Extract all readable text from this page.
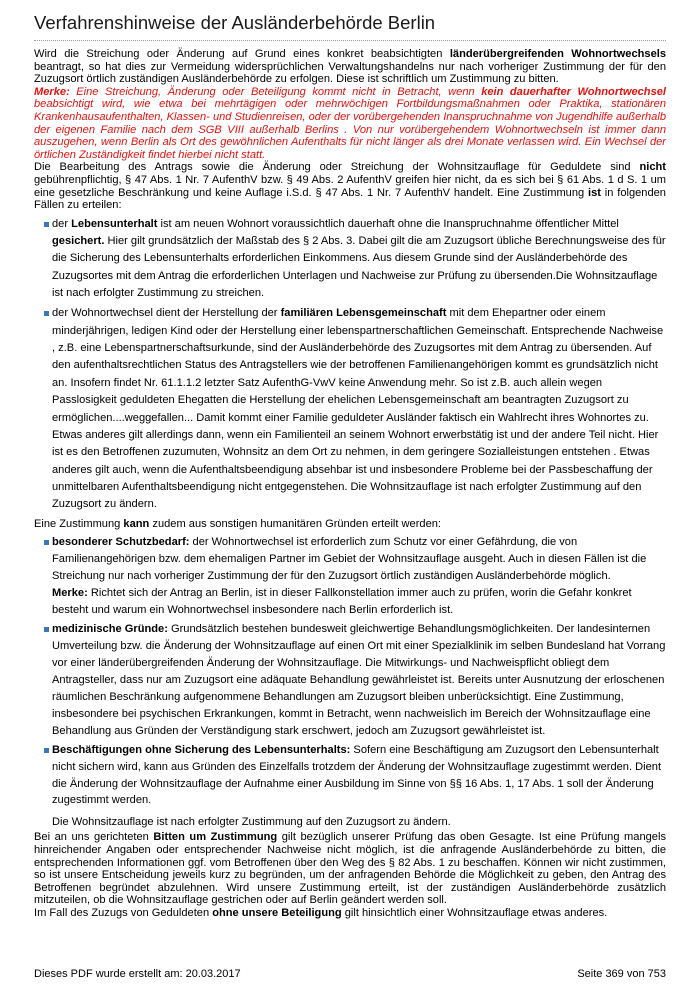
Verfahrenshinweise der Ausländerbehörde Berlin

Wird die Streichung oder Änderung auf Grund eines konkret beabsichtigten länderübergreifenden Wohnortwechsels beantragt, so hat dies zur Vermeidung widersprüchlichen Verwaltungshandelns nur nach vorheriger Zustimmung der für den Zuzugsort örtlich zuständigen Ausländerbehörde zu erfolgen. Diese ist schriftlich um Zustimmung zu bitten.

Merke: Eine Streichung, Änderung oder Beteiligung kommt nicht in Betracht, wenn kein dauerhafter Wohnortwechsel beabsichtigt wird, wie etwa bei mehrtägigen oder mehrwöchigen Fortbildungsmaßnahmen oder Praktika, stationären Krankenhausaufenthalten, Klassen- und Studienreisen, oder der vorübergehenden Inanspruchnahme von Jugendhilfe außerhalb der eigenen Familie nach dem SGB VIII außerhalb Berlins . Von nur vorübergehendem Wohnortwechseln ist immer dann auszugehen, wenn Berlin als Ort des gewöhnlichen Aufenthalts für nicht länger als drei Monate verlassen wird. Ein Wechsel der örtlichen Zuständigkeit findet hierbei nicht statt.

Die Bearbeitung des Antrags sowie die Änderung oder Streichung der Wohnsitzauflage für Geduldete sind nicht gebührenpflichtig, § 47 Abs. 1 Nr. 7 AufenthV bzw. § 49 Abs. 2 AufenthV greifen hier nicht, da es sich bei § 61 Abs. 1 d S. 1 um eine gesetzliche Beschränkung und keine Auflage i.S.d. § 47 Abs. 1 Nr. 7 AufenthV handelt. Eine Zustimmung ist in folgenden Fällen zu erteilen:

der Lebensunterhalt ist am neuen Wohnort voraussichtlich dauerhaft ohne die Inanspruchnahme öffentlicher Mittel gesichert. Hier gilt grundsätzlich der Maßstab des § 2 Abs. 3. Dabei gilt die am Zuzugsort übliche Berechnungsweise des für die Sicherung des Lebensunterhalts erforderlichen Einkommens. Aus diesem Grunde sind der Ausländerbehörde des Zuzugsortes mit dem Antrag die erforderlichen Unterlagen und Nachweise zur Prüfung zu übersenden.Die Wohnsitzauflage ist nach erfolgter Zustimmung zu streichen.
der Wohnortwechsel dient der Herstellung der familiären Lebensgemeinschaft mit dem Ehepartner oder einem minderjährigen, ledigen Kind oder der Herstellung einer lebenspartnerschaftlichen Gemeinschaft. Entsprechende Nachweise , z.B. eine Lebenspartnerschaftsurkunde, sind der Ausländerbehörde des Zuzugsortes mit dem Antrag zu übersenden. Auf den aufenthaltsrechtlichen Status des Antragstellers wie der betroffenen Familienangehörigen kommt es grundsätzlich nicht an. Insofern findet Nr. 61.1.1.2 letzter Satz AufenthG-VwV keine Anwendung mehr. So ist z.B. auch allein wegen Passlosigkeit geduldeten Ehegatten die Herstellung der ehelichen Lebensgemeinschaft am beantragten Zuzugsort zu ermöglichen....weggefallen... Damit kommt einer Familie geduldeter Ausländer faktisch ein Wahlrecht ihres Wohnortes zu. Etwas anderes gilt allerdings dann, wenn ein Familienteil an seinem Wohnort erwerbstätig ist und der andere Teil nicht. Hier ist es den Betroffenen zuzumuten, Wohnsitz an dem Ort zu nehmen, in dem geringere Sozialleistungen entstehen . Etwas anderes gilt auch, wenn die Aufenthaltsbeendigung absehbar ist und insbesondere Probleme bei der Passbeschaffung der unmittelbaren Aufenthaltsbeendigung nicht entgegenstehen. Die Wohnsitzauflage ist nach erfolgter Zustimmung auf den Zuzugsort zu ändern.

Eine Zustimmung kann zudem aus sonstigen humanitären Gründen erteilt werden:

besonderer Schutzbedarf: der Wohnortwechsel ist erforderlich zum Schutz vor einer Gefährdung, die von Familienangehörigen bzw. dem ehemaligen Partner im Gebiet der Wohnsitzauflage ausgeht. Auch in diesen Fällen ist die Streichung nur nach vorheriger Zustimmung der für den Zuzugsort örtlich zuständigen Ausländerbehörde möglich.
Merke: Richtet sich der Antrag an Berlin, ist in dieser Fallkonstellation immer auch zu prüfen, worin die Gefahr konkret besteht und warum ein Wohnortwechsel insbesondere nach Berlin erforderlich ist.
medizinische Gründe: Grundsätzlich bestehen bundesweit gleichwertige Behandlungsmöglichkeiten. Der landesinternen Umverteilung bzw. die Änderung der Wohnsitzauflage auf einen Ort mit einer Spezialklinik im selben Bundesland hat Vorrang vor einer länderübergreifenden Änderung der Wohnsitzauflage. Die Mitwirkungs- und Nachweispflicht obliegt dem Antragsteller, dass nur am Zuzugsort eine adäquate Behandlung gewährleistet ist. Bereits unter Ausnutzung der erloschenen räumlichen Beschränkung aufgenommene Behandlungen am Zuzugsort bleiben unberücksichtigt. Eine Zustimmung, insbesondere bei psychischen Erkrankungen, kommt in Betracht, wenn nachweislich im Bereich der Wohnsitzauflage eine Behandlung aus Gründen der Verständigung stark erschwert, jedoch am Zuzugsort gewährleistet ist.
Beschäftigungen ohne Sicherung des Lebensunterhalts: Sofern eine Beschäftigung am Zuzugsort den Lebensunterhalt nicht sichern wird, kann aus Gründen des Einzelfalls trotzdem der Änderung der Wohnsitzauflage zugestimmt werden. Dient die Änderung der Wohnsitzauflage der Aufnahme einer Ausbildung im Sinne von §§ 16 Abs. 1, 17 Abs. 1 soll der Änderung zugestimmt werden.

Die Wohnsitzauflage ist nach erfolgter Zustimmung auf den Zuzugsort zu ändern.

Bei an uns gerichteten Bitten um Zustimmung gilt bezüglich unserer Prüfung das oben Gesagte. Ist eine Prüfung mangels hinreichender Angaben oder entsprechender Nachweise nicht möglich, ist die anfragende Ausländerbehörde zu bitten, die entsprechenden Informationen ggf. vom Betroffenen über den Weg des § 82 Abs. 1 zu beschaffen. Können wir nicht zustimmen, so ist unsere Entscheidung jeweils kurz zu begründen, um der anfragenden Behörde die Möglichkeit zu geben, den Antrag des Betroffenen begründet abzulehnen. Wird unsere Zustimmung erteilt, ist der zuständigen Ausländerbehörde zusätzlich mitzuteilen, ob die Wohnsitzauflage gestrichen oder auf Berlin geändert werden soll.

Im Fall des Zuzugs von Geduldeten ohne unsere Beteiligung gilt hinsichtlich einer Wohnsitzauflage etwas anderes.

Dieses PDF wurde erstellt am: 20.03.2017	Seite 369 von 753
